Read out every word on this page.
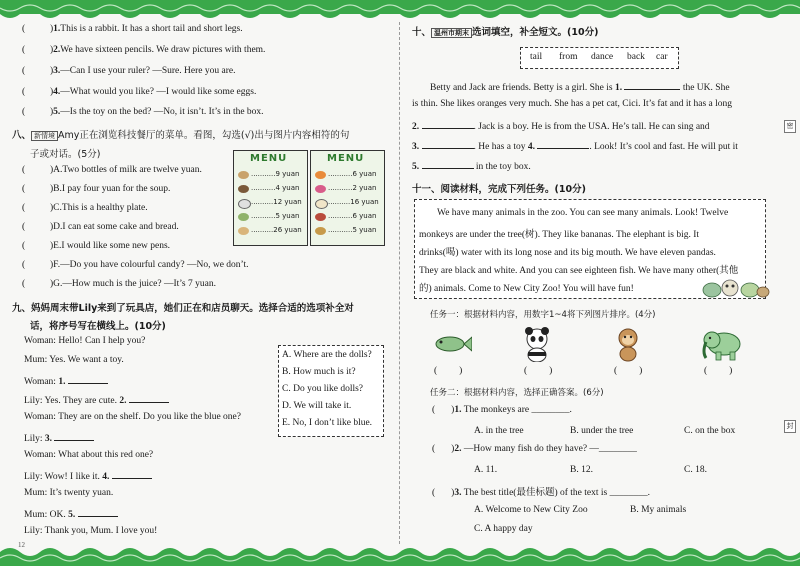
(	)1.This is a rabbit. It has a short tail and short legs.
(	)2.We have sixteen pencils. We draw pictures with them.
(	)3.—Can I use your ruler? —Sure. Here you are.
(	)4.—What would you like? —I would like some eggs.
(	)5.—Is the toy on the bed? —No, it isn’t. It’s in the box.
八、 新情境 Amy正在浏览科技餐厅的菜单。看图，勾选(√)出与图片内容相符的句
子或对话。(5分)
(	)A.Two bottles of milk are twelve yuan.
(	)B.I pay four yuan for the soup.
(	)C.This is a healthy plate.
(	)D.I can eat some cake and bread.
(	)E.I would like some new pens.
(	)F.—Do you have colourful candy? —No, we don’t.
(	)G.—How much is the juice? —It’s 7 yuan.
MENU
...........9 yuan
...........4 yuan
..........12 yuan
...........5 yuan
..........26 yuan
MENU
...........6 yuan
...........2 yuan
..........16 yuan
...........6 yuan
...........5 yuan
九、妈妈周末带Lily来到了玩具店，她们正在和店员聊天。选择合适的选项补全对
话，将序号写在横线上。(10分)
Woman: Hello! Can I help you?
Mum: Yes. We want a toy.
Woman: 1.
Lily: Yes. They are cute. 2.
Woman: They are on the shelf. Do you like the blue one?
Lily: 3.
Woman: What about this red one?
Lily: Wow! I like it. 4.
Mum: It’s twenty yuan.
Mum: OK. 5.
Lily: Thank you, Mum. I love you!
A. Where are the dolls?
B. How much is it?
C. Do you like dolls?
D. We will take it.
E. No, I don’t like blue.
12
十、 温州市期末 选词填空，补全短文。(10分)
tail from dance back car
Betty and Jack are friends. Betty is a girl. She is 1.	the UK. She
is thin. She likes oranges very much. She has a pet cat, Cici. It’s fat and it has a long
2.	. Jack is a boy. He is from the USA. He’s tall. He can sing and
3.	. He has a toy 4.	. Look! It’s cool and fast. He will put it
5.	in the toy box.
十一、阅读材料，完成下列任务。(10分)
We have many animals in the zoo. You can see many animals. Look! Twelve
monkeys are under the tree(树). They like bananas. The elephant is big. It
drinks(喝) water with its long nose and its big mouth. We have eleven pandas.
They are black and white. And you can see eighteen fish. We have many other(其他
的) animals. Come to New City Zoo! You will have fun!
任务一：根据材料内容，用数字1~4将下列图片排序。(4分)
( )	( )	( )	( )
任务二：根据材料内容，选择正确答案。(6分)
( )1. The monkeys are ________.
A. in the tree	B. under the tree	C. on the box
( )2. —How many fish do they have? —________
A. 11.	B. 12.	C. 18.
( )3. The best title(最佳标题) of the text is ________.
A. Welcome to New City Zoo	B. My animals
C. A happy day
密
封
